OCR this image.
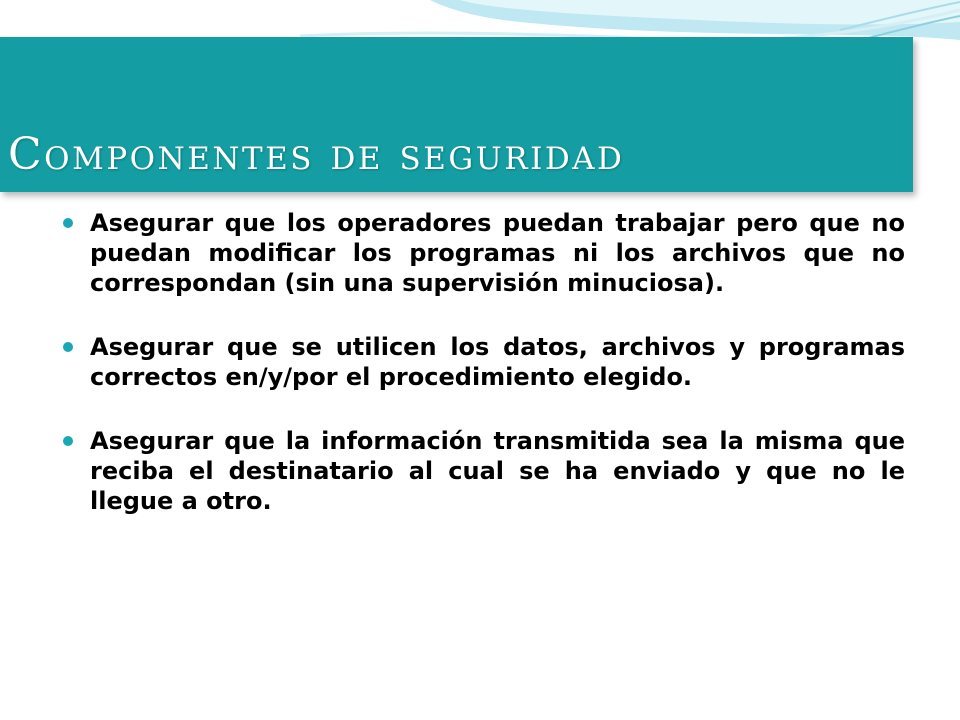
Componentes de seguridad
Asegurar que los operadores puedan trabajar pero que no puedan modificar los programas ni los archivos que no correspondan (sin una supervisión minuciosa).
Asegurar que se utilicen los datos, archivos y programas correctos en/y/por el procedimiento elegido.
Asegurar que la información transmitida sea la misma que reciba el destinatario al cual se ha enviado y que no le llegue a otro.
